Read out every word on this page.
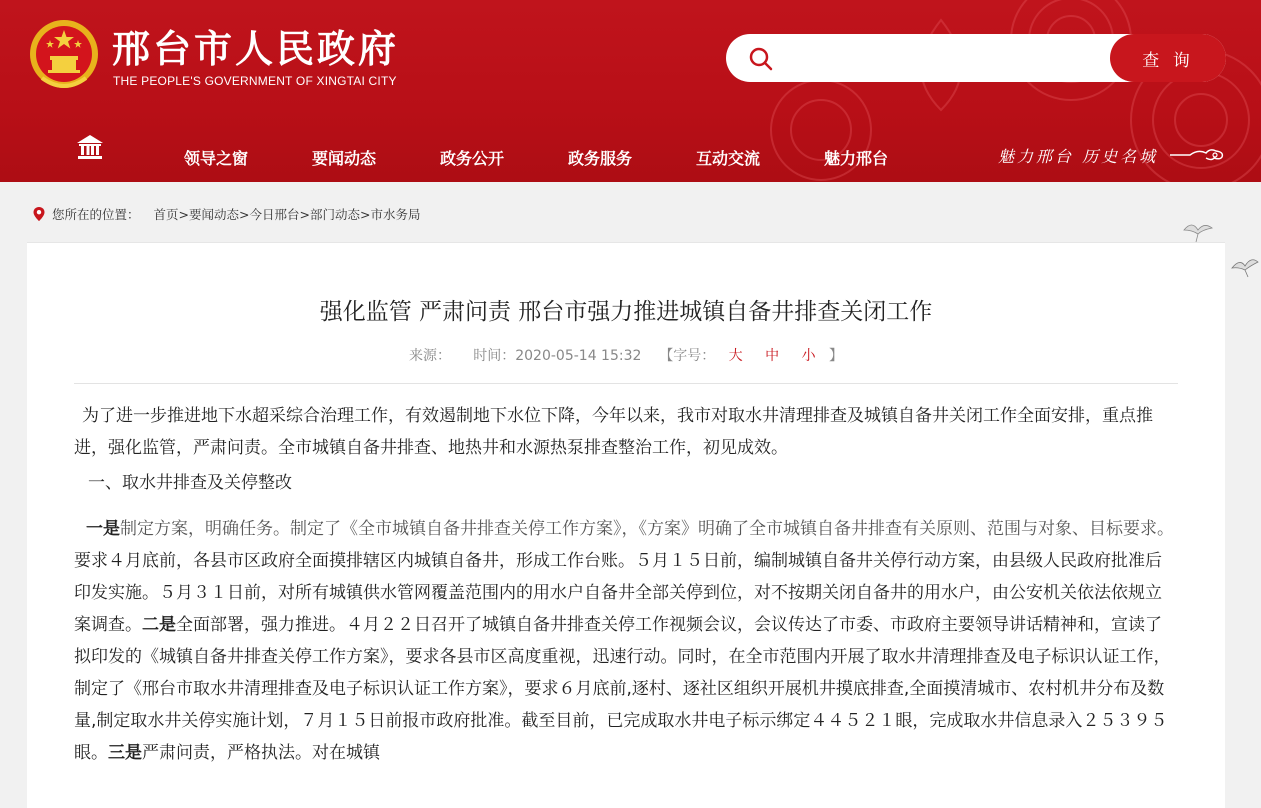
邢台市人民政府
THE PEOPLE'S GOVERNMENT OF XINGTAI CITY
查 询
领导之窗	要闻动态	政务公开	政务服务	互动交流	魅力邢台	魅力邢台 历史名城
您所在的位置： 首页 > 要闻动态 > 今日邢台 > 部门动态 > 市水务局
强化监管 严肃问责 邢台市强力推进城镇自备井排查关闭工作
来源： 时间：2020-05-14 15:32 【字号： 大 中 小 】

为了进一步推进地下水超采综合治理工作，有效遏制地下水位下降，今年以来，我市对取水井清理排查及城镇自备井关闭工作全面安排，重点推进，强化监管，严肃问责。全市城镇自备井排查、地热井和水源热泵排查整治工作，初见成效。

一、取水井排查及关停整改

一是制定方案，明确任务。制定了《全市城镇自备井排查关停工作方案》，《方案》明确了全市城镇自备井排查有关原则、范围与对象、目标要求。要求４月底前，各县市区政府全面摸排辖区内城镇自备井，形成工作台账。５月１５日前，编制城镇自备井关停行动方案，由县级人民政府批准后印发实施。５月３１日前，对所有城镇供水管网覆盖范围内的用水户自备井全部关停到位，对不按期关闭自备井的用水户，由公安机关依法依规立案调查。二是全面部署，强力推进。４月２２日召开了城镇自备井排查关停工作视频会议，会议传达了市委、市政府主要领导讲话精神和，宣读了拟印发的《城镇自备井排查关停工作方案》，要求各县市区高度重视，迅速行动。同时，在全市范围内开展了取水井清理排查及电子标识认证工作，制定了《邢台市取水井清理排查及电子标识认证工作方案》，要求６月底前,逐村、逐社区组织开展机井摸底排查,全面摸清城市、农村机井分布及数量,制定取水井关停实施计划，７月１５日前报市政府批准。截至目前，已完成取水井电子标示绑定４４５２１眼，完成取水井信息录入２５３９５眼。三是严肃问责，严格执法。对在城镇
